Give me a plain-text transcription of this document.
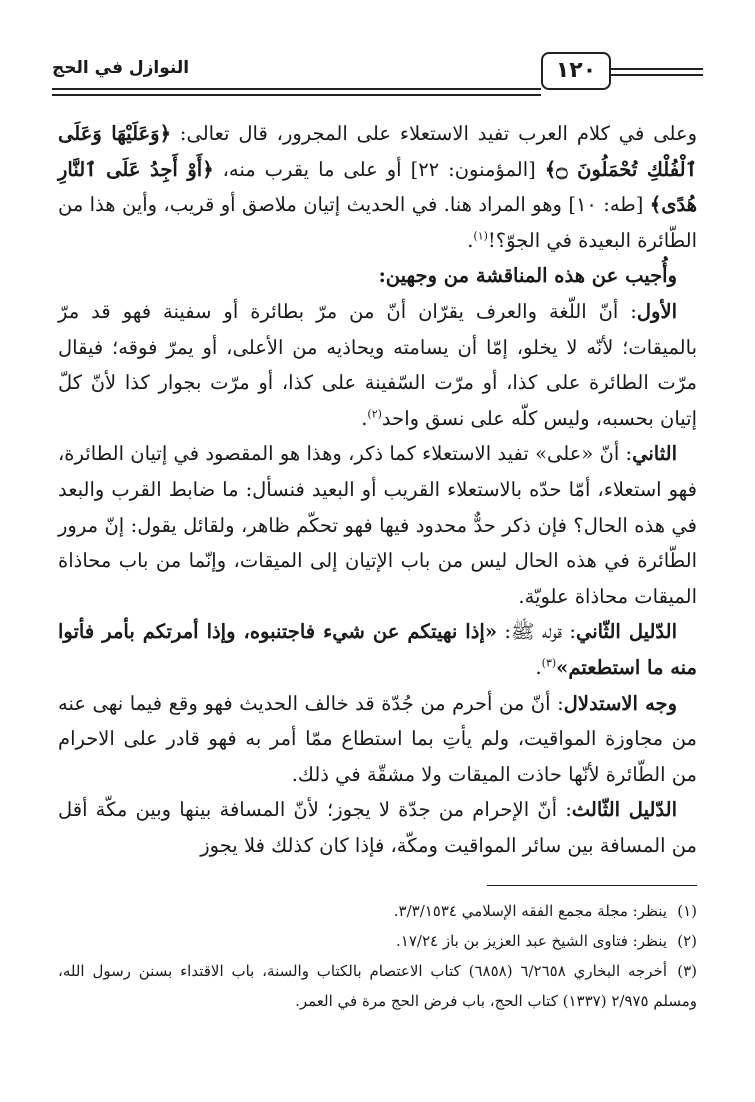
١٢٠
النوازل في الحج

وعلى في كلام العرب تفيد الاستعلاء على المجرور، قال تعالى: ﴿وَعَلَيْهَا وَعَلَى ٱلْفُلْكِ تُحْمَلُونَ ۝﴾ [المؤمنون: ٢٢] أو على ما يقرب منه، ﴿أَوْ أَجِدُ عَلَى ٱلنَّارِ هُدًى﴾ [طه: ١٠] وهو المراد هنا. في الحديث إتيان ملاصق أو قريب، وأين هذا من الطّائرة البعيدة في الجوّ؟!$^{(١)}$.

وأُجيب عن هذه المناقشة من وجهين:

الأول: أنّ اللّغة والعرف يقرّان أنّ من مرّ بطائرة أو سفينة فهو قد مرّ بالميقات؛ لأنّه لا يخلو، إمّا أن يسامته ويحاذيه من الأعلى، أو يمرّ فوقه؛ فيقال مرّت الطائرة على كذا، أو مرّت السّفينة على كذا، أو مرّت بجوار كذا لأنّ كلّ إتيان بحسبه، وليس كلّه على نسق واحد$^{(٢)}$.

الثاني: أنّ «على» تفيد الاستعلاء كما ذكر، وهذا هو المقصود في إتيان الطائرة، فهو استعلاء، أمّا حدّه بالاستعلاء القريب أو البعيد فنسأل: ما ضابط القرب والبعد في هذه الحال؟ فإن ذكر حدٌّ محدود فيها فهو تحكّم ظاهر، ولقائل يقول: إنّ مرور الطّائرة في هذه الحال ليس من باب الإتيان إلى الميقات، وإنّما من باب محاذاة الميقات محاذاة علويّة.

الدّليل الثّاني: قوله ﷺ: «إذا نهيتكم عن شيء فاجتنبوه، وإذا أمرتكم بأمر فأتوا منه ما استطعتم»$^{(٣)}$.

وجه الاستدلال: أنّ من أحرم من جُدّة قد خالف الحديث فهو وقع فيما نهى عنه من مجاوزة المواقيت، ولم يأتِ بما استطاع ممّا أمر به فهو قادر على الاحرام من الطّائرة لأنّها حاذت الميقات ولا مشقّة في ذلك.

الدّليل الثّالث: أنّ الإحرام من جدّة لا يجوز؛ لأنّ المسافة بينها وبين مكّة أقل من المسافة بين سائر المواقيت ومكّة، فإذا كان كذلك فلا يجوز

(١)ينظر: مجلة مجمع الفقه الإسلامي ٣/٣/١٥٣٤.

(٢)ينظر: فتاوى الشيخ عبد العزيز بن باز ١٧/٢٤.

(٣)أخرجه البخاري ٦/٢٦٥٨ (٦٨٥٨) كتاب الاعتصام بالكتاب والسنة، باب الاقتداء بسنن رسول الله، ومسلم ٢/٩٧٥ (١٣٣٧) كتاب الحج، باب فرض الحج مرة في العمر.
